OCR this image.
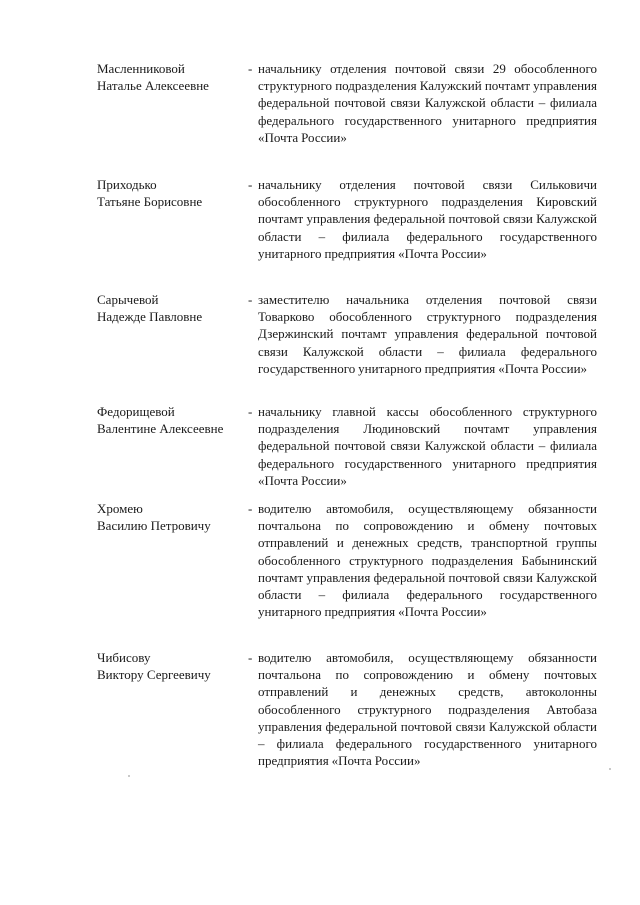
Масленниковой
Наталье Алексеевне
- начальнику отделения почтовой связи 29 обособленного структурного подразделения Калужский почтамт управления федеральной почтовой связи Калужской области – филиала федерального государственного унитарного предприятия «Почта России»
Приходько
Татьяне Борисовне
- начальнику отделения почтовой связи Сильковичи обособленного структурного подразделения Кировский почтамт управления федеральной почтовой связи Калужской области – филиала федерального государственного унитарного предприятия «Почта России»
Сарычевой
Надежде Павловне
- заместителю начальника отделения почтовой связи Товарково обособленного структурного подразделения Дзержинский почтамт управления федеральной почтовой связи Калужской области – филиала федерального государственного унитарного предприятия «Почта России»
Федорищевой
Валентине Алексеевне
- начальнику главной кассы обособленного структурного подразделения Людиновский почтамт управления федеральной почтовой связи Калужской области – филиала федерального государственного унитарного предприятия «Почта России»
Хромею
Василию Петровичу
- водителю автомобиля, осуществляющему обязанности почтальона по сопровождению и обмену почтовых отправлений и денежных средств, транспортной группы обособленного структурного подразделения Бабынинский почтамт управления федеральной почтовой связи Калужской области – филиала федерального государственного унитарного предприятия «Почта России»
Чибисову
Виктору Сергеевичу
- водителю автомобиля, осуществляющему обязанности почтальона по сопровождению и обмену почтовых отправлений и денежных средств, автоколонны обособленного структурного подразделения Автобаза управления федеральной почтовой связи Калужской области – филиала федерального государственного унитарного предприятия «Почта России»
